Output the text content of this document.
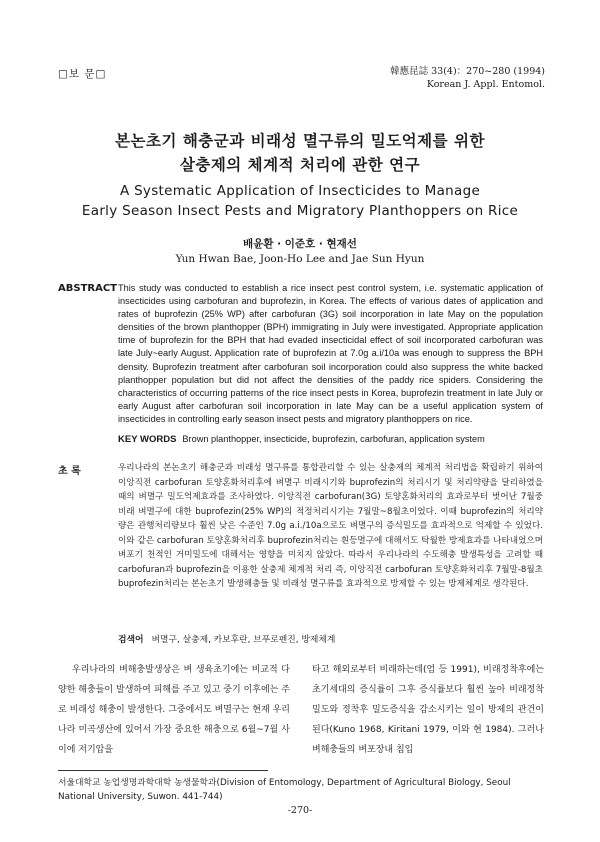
□보 문□	韓應昆誌 33(4)：270~280 (1994)
Korean J. Appl. Entomol.
본논초기 해충군과 비래성 멸구류의 밀도억제를 위한
살충제의 체계적 처리에 관한 연구
A Systematic Application of Insecticides to Manage
Early Season Insect Pests and Migratory Planthoppers on Rice
배윤환 · 이준호 · 현재선
Yun Hwan Bae, Joon-Ho Lee and Jae Sun Hyun
ABSTRACT This study was conducted to establish a rice insect pest control system, i.e. systematic application of insecticides using carbofuran and buprofezin, in Korea. The effects of various dates of application and rates of buprofezin (25% WP) after carbofuran (3G) soil incorporation in late May on the population densities of the brown planthopper (BPH) immigrating in July were investigated. Appropriate application time of buprofezin for the BPH that had evaded insecticidal effect of soil incorporated carbofuran was late July~early August. Application rate of buprofezin at 7.0g a.i/10a was enough to suppress the BPH density. Buprofezin treatment after carbofuran soil incorporation could also suppress the white backed planthopper population but did not affect the densities of the paddy rice spiders. Considering the characteristics of occurring patterns of the rice insect pests in Korea, buprofezin treatment in late July or early August after carbofuran soil incorporation in late May can be a useful application system of insecticides in controlling early season insect pests and migratory planthoppers on rice.
KEY WORDS Brown planthopper, insecticide, buprofezin, carbofuran, application system
초 록	우리나라의 본논초기 해충군과 비래성 멸구류를 통합관리할 수 있는 살충제의 체계적 처리법을 확립하기 위하여 이앙직전 carbofuran 토양혼화처리후에 벼멸구 비래시기와 buprofezin의 처리시기 및 처리약량을 달리하였을 때의 벼멸구 밀도억제효과를 조사하였다. 이앙직전 carbofuran(3G) 토양혼화처리의 효과로부터 벗어난 7월중 비래 벼멸구에 대한 buprofezin(25% WP)의 적정처리시기는 7월말~8월초이었다. 이때 buprofezin의 처리약량은 관행처리량보다 훨씬 낮은 수준인 7.0g a.i./10a으로도 벼멸구의 증식밀도를 효과적으로 억제할 수 있었다. 이와 같은 carbofuran 토양혼화처리후 buprofezin처리는 흰등멸구에 대해서도 탁월한 방제효과를 나타내었으며 벼포기 천적인 거미밀도에 대해서는 영향을 미치지 않았다. 따라서 우리나라의 수도해충 발생특성을 고려할 때 carbofuran과 buprofezin을 이용한 살충제 체계적 처리 즉, 이앙직전 carbofuran 토양혼화처리후 7월말-8월초 buprofezin처리는 본논초기 발생해충들 및 비래성 멸구류를 효과적으로 방제할 수 있는 방제체계로 생각된다.
검색어 벼멸구, 살충제, 카보후란, 브푸로펜진, 방제체계
우리나라의 벼해충발생상은 벼 생육초기에는 비교적 다양한 해충들이 발생하여 피해를 주고 있고 중기 이후에는 주로 비래성 해충이 발생한다. 그중에서도 벼멸구는 현재 우리나라 미곡생산에 있어서 가장 중요한 해충으로 6월~7월 사이에 저기압을
타고 해외로부터 비래하는데(엄 등 1991), 비래정착후에는 초기세대의 증식률이 그후 증식률보다 훨씬 높아 비래정착밀도와 정착후 밀도증식을 감소시키는 일이 방제의 관건이 된다(Kuno 1968, Kiritani 1979, 이와 현 1984). 그러나 벼해충들의 벼포장내 침입
서울대학교 농업생명과학대학 농생물학과(Division of Entomology, Department of Agricultural Biology, Seoul National University, Suwon. 441-744)
-270-
